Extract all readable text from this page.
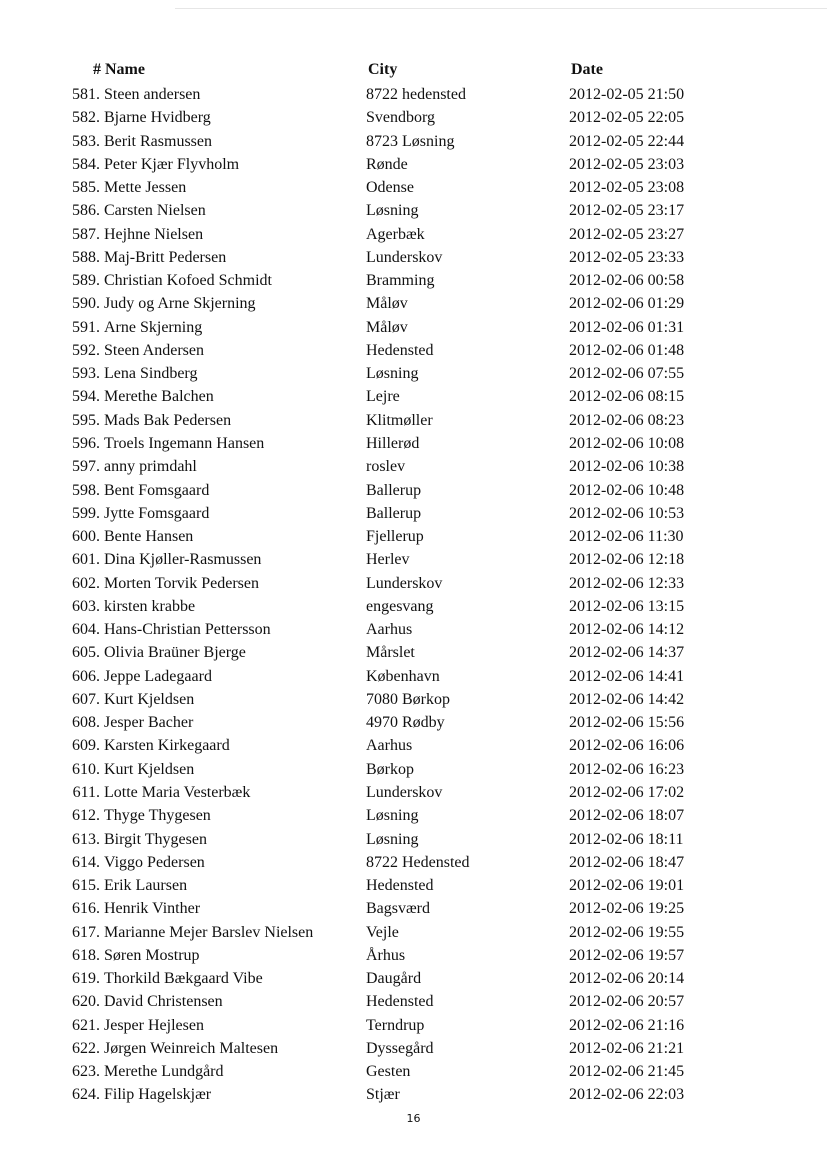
# Name	City	Date
581. Steen andersen	8722 hedensted	2012-02-05 21:50
582. Bjarne Hvidberg	Svendborg	2012-02-05 22:05
583. Berit Rasmussen	8723 Løsning	2012-02-05 22:44
584. Peter Kjær Flyvholm	Rønde	2012-02-05 23:03
585. Mette Jessen	Odense	2012-02-05 23:08
586. Carsten Nielsen	Løsning	2012-02-05 23:17
587. Hejhne Nielsen	Agerbæk	2012-02-05 23:27
588. Maj-Britt Pedersen	Lunderskov	2012-02-05 23:33
589. Christian Kofoed Schmidt	Bramming	2012-02-06 00:58
590. Judy og Arne Skjerning	Måløv	2012-02-06 01:29
591. Arne Skjerning	Måløv	2012-02-06 01:31
592. Steen Andersen	Hedensted	2012-02-06 01:48
593. Lena Sindberg	Løsning	2012-02-06 07:55
594. Merethe Balchen	Lejre	2012-02-06 08:15
595. Mads Bak Pedersen	Klitmøller	2012-02-06 08:23
596. Troels Ingemann Hansen	Hillerød	2012-02-06 10:08
597. anny primdahl	roslev	2012-02-06 10:38
598. Bent Fomsgaard	Ballerup	2012-02-06 10:48
599. Jytte Fomsgaard	Ballerup	2012-02-06 10:53
600. Bente Hansen	Fjellerup	2012-02-06 11:30
601. Dina Kjøller-Rasmussen	Herlev	2012-02-06 12:18
602. Morten Torvik Pedersen	Lunderskov	2012-02-06 12:33
603. kirsten krabbe	engesvang	2012-02-06 13:15
604. Hans-Christian Pettersson	Aarhus	2012-02-06 14:12
605. Olivia Braüner Bjerge	Mårslet	2012-02-06 14:37
606. Jeppe Ladegaard	København	2012-02-06 14:41
607. Kurt Kjeldsen	7080 Børkop	2012-02-06 14:42
608. Jesper Bacher	4970 Rødby	2012-02-06 15:56
609. Karsten Kirkegaard	Aarhus	2012-02-06 16:06
610. Kurt Kjeldsen	Børkop	2012-02-06 16:23
611. Lotte Maria Vesterbæk	Lunderskov	2012-02-06 17:02
612. Thyge Thygesen	Løsning	2012-02-06 18:07
613. Birgit Thygesen	Løsning	2012-02-06 18:11
614. Viggo Pedersen	8722 Hedensted	2012-02-06 18:47
615. Erik Laursen	Hedensted	2012-02-06 19:01
616. Henrik Vinther	Bagsværd	2012-02-06 19:25
617. Marianne Mejer Barslev Nielsen	Vejle	2012-02-06 19:55
618. Søren Mostrup	Århus	2012-02-06 19:57
619. Thorkild Bækgaard Vibe	Daugård	2012-02-06 20:14
620. David Christensen	Hedensted	2012-02-06 20:57
621. Jesper Hejlesen	Terndrup	2012-02-06 21:16
622. Jørgen Weinreich Maltesen	Dyssegård	2012-02-06 21:21
623. Merethe Lundgård	Gesten	2012-02-06 21:45
624. Filip Hagelskjær	Stjær	2012-02-06 22:03
16
